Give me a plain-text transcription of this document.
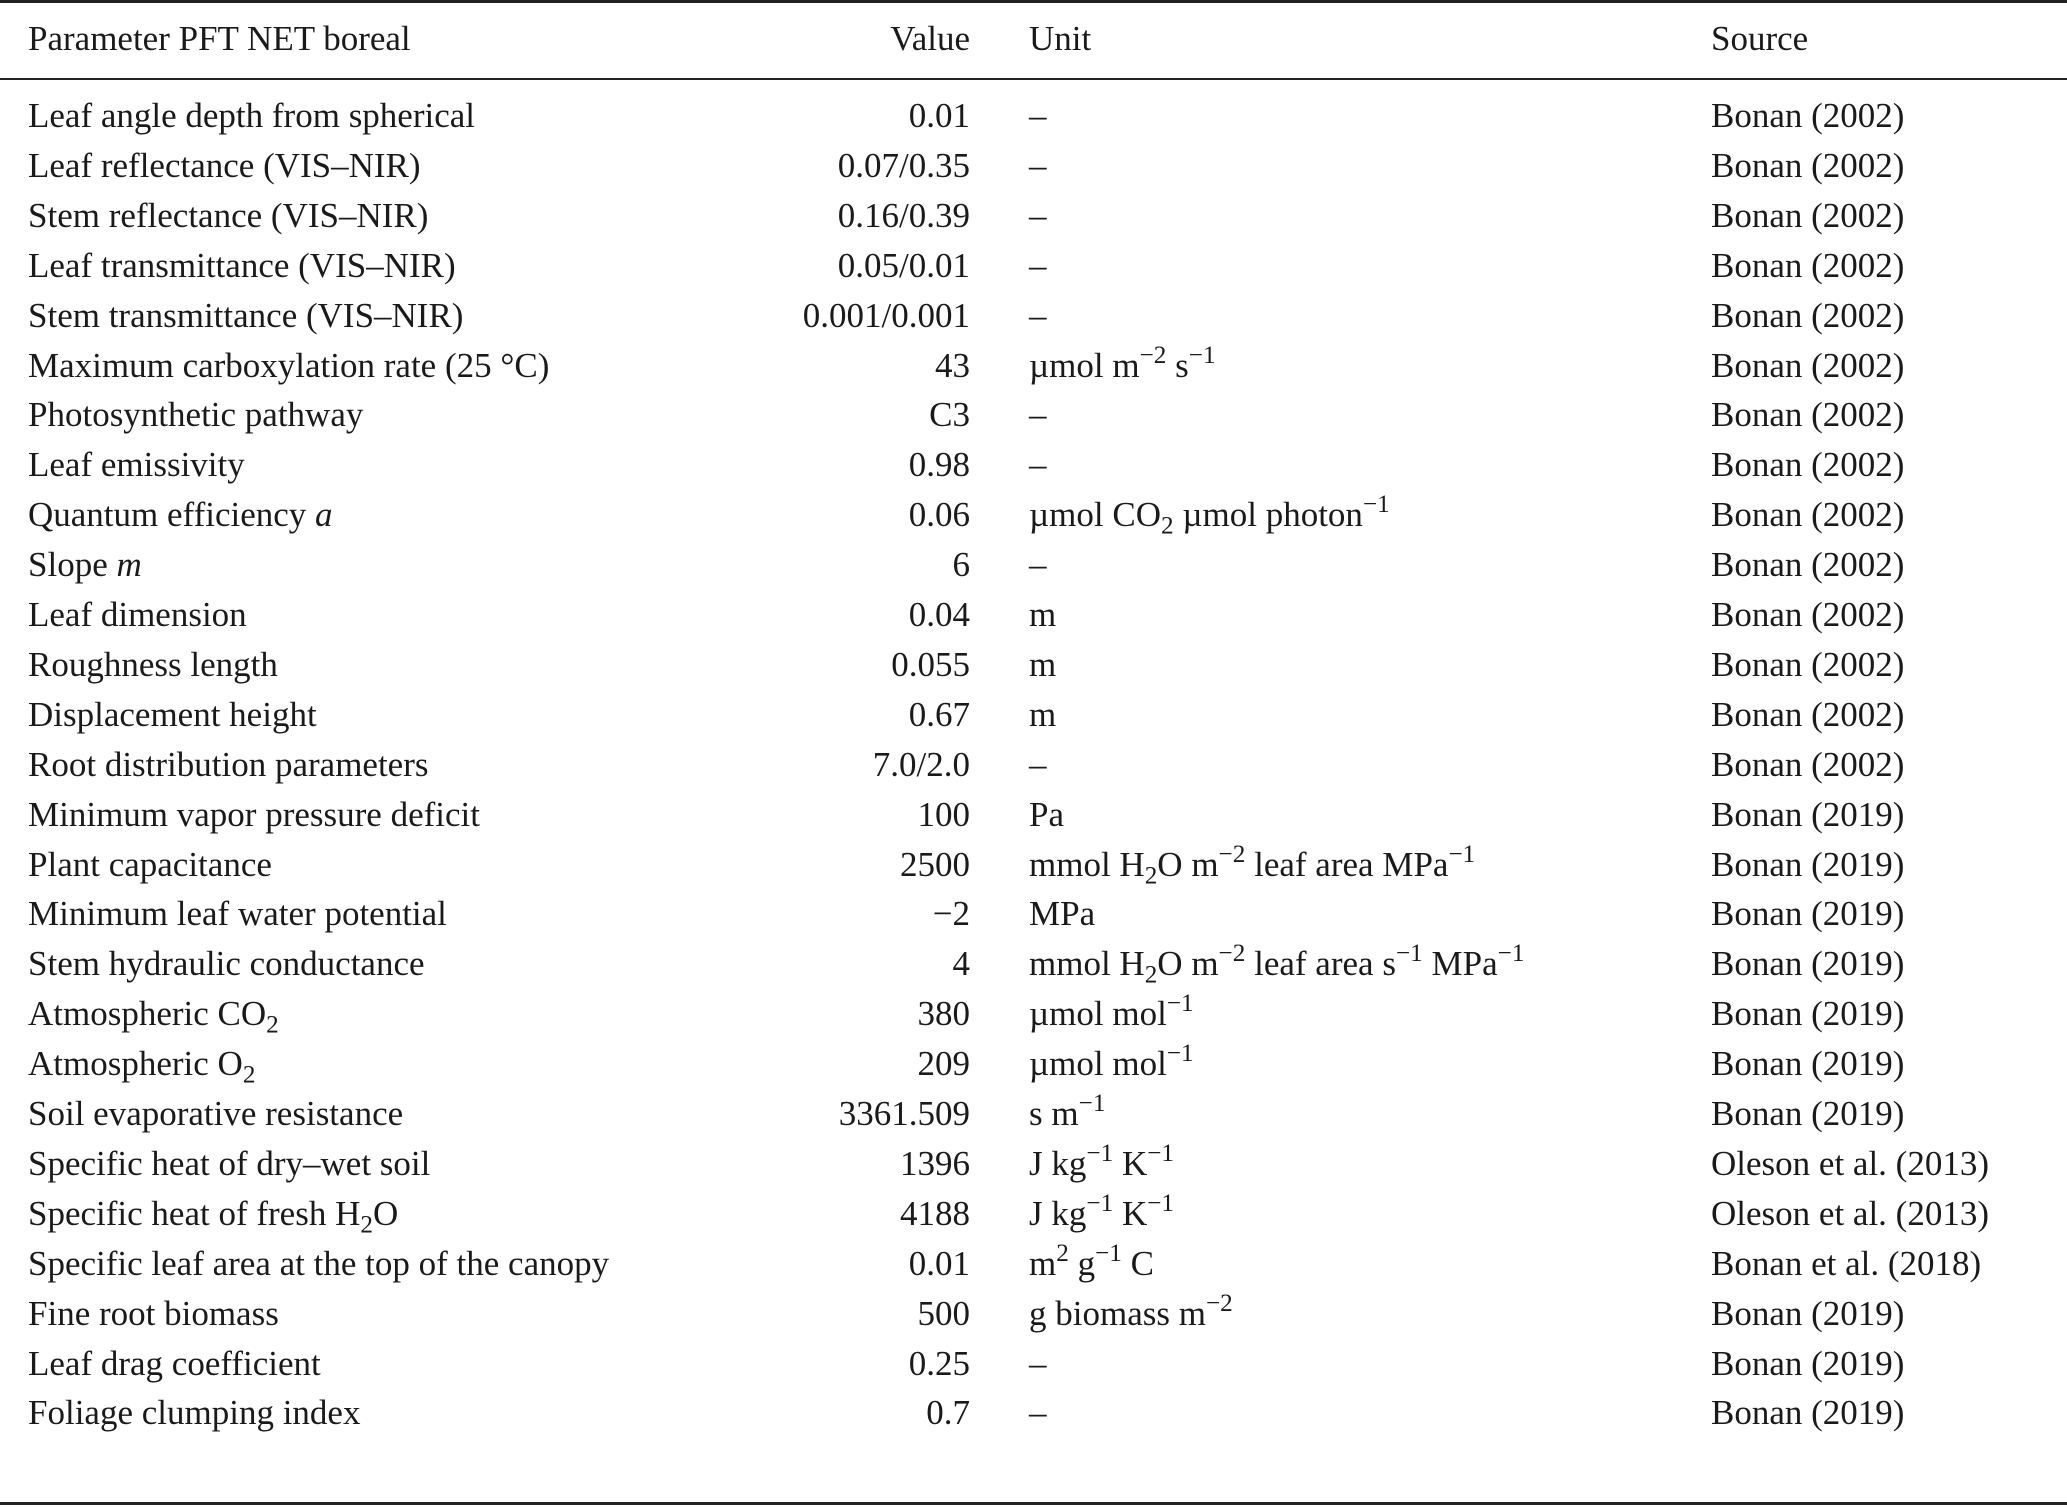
Parameter PFT NET boreal	Value Unit	Source
Leaf angle depth from spherical	0.01 –	Bonan (2002)
Leaf reflectance (VIS–NIR)	0.07/0.35 –	Bonan (2002)
Stem reflectance (VIS–NIR)	0.16/0.39 –	Bonan (2002)
Leaf transmittance (VIS–NIR)	0.05/0.01 –	Bonan (2002)
Stem transmittance (VIS–NIR)	0.001/0.001 –	Bonan (2002)
Maximum carboxylation rate (25 °C)	43 µmol $m^{-2}$ $s^{-1}$	Bonan (2002)
Photosynthetic pathway	C3 –	Bonan (2002)
Leaf emissivity	0.98 –	Bonan (2002)
Quantum efficiency a	0.06 µmol $CO_2$ µmol photon$^{-1}$	Bonan (2002)
Slope m	6 –	Bonan (2002)
Leaf dimension	0.04 m	Bonan (2002)
Roughness length	0.055 m	Bonan (2002)
Displacement height	0.67 m	Bonan (2002)
Root distribution parameters	7.0/2.0 –	Bonan (2002)
Minimum vapor pressure deficit	100 Pa	Bonan (2019)
Plant capacitance	2500 mmol $H_2O$ $m^{-2}$ leaf area MPa$^{-1}$	Bonan (2019)
Minimum leaf water potential	−2 MPa	Bonan (2019)
Stem hydraulic conductance	4 mmol $H_2O$ $m^{-2}$ leaf area $s^{-1}$ MPa$^{-1}$	Bonan (2019)
Atmospheric $CO_2$	380 µmol mol$^{-1}$	Bonan (2019)
Atmospheric $O_2$	209 µmol mol$^{-1}$	Bonan (2019)
Soil evaporative resistance	3361.509 s $m^{-1}$	Bonan (2019)
Specific heat of dry–wet soil	1396 J $kg^{-1}$ $K^{-1}$	Oleson et al. (2013)
Specific heat of fresh $H_2O$	4188 J $kg^{-1}$ $K^{-1}$	Oleson et al. (2013)
Specific leaf area at the top of the canopy	0.01 $m^2$ $g^{-1}$ C	Bonan et al. (2018)
Fine root biomass	500 g biomass $m^{-2}$	Bonan (2019)
Leaf drag coefficient	0.25 –	Bonan (2019)
Foliage clumping index	0.7 –	Bonan (2019)
